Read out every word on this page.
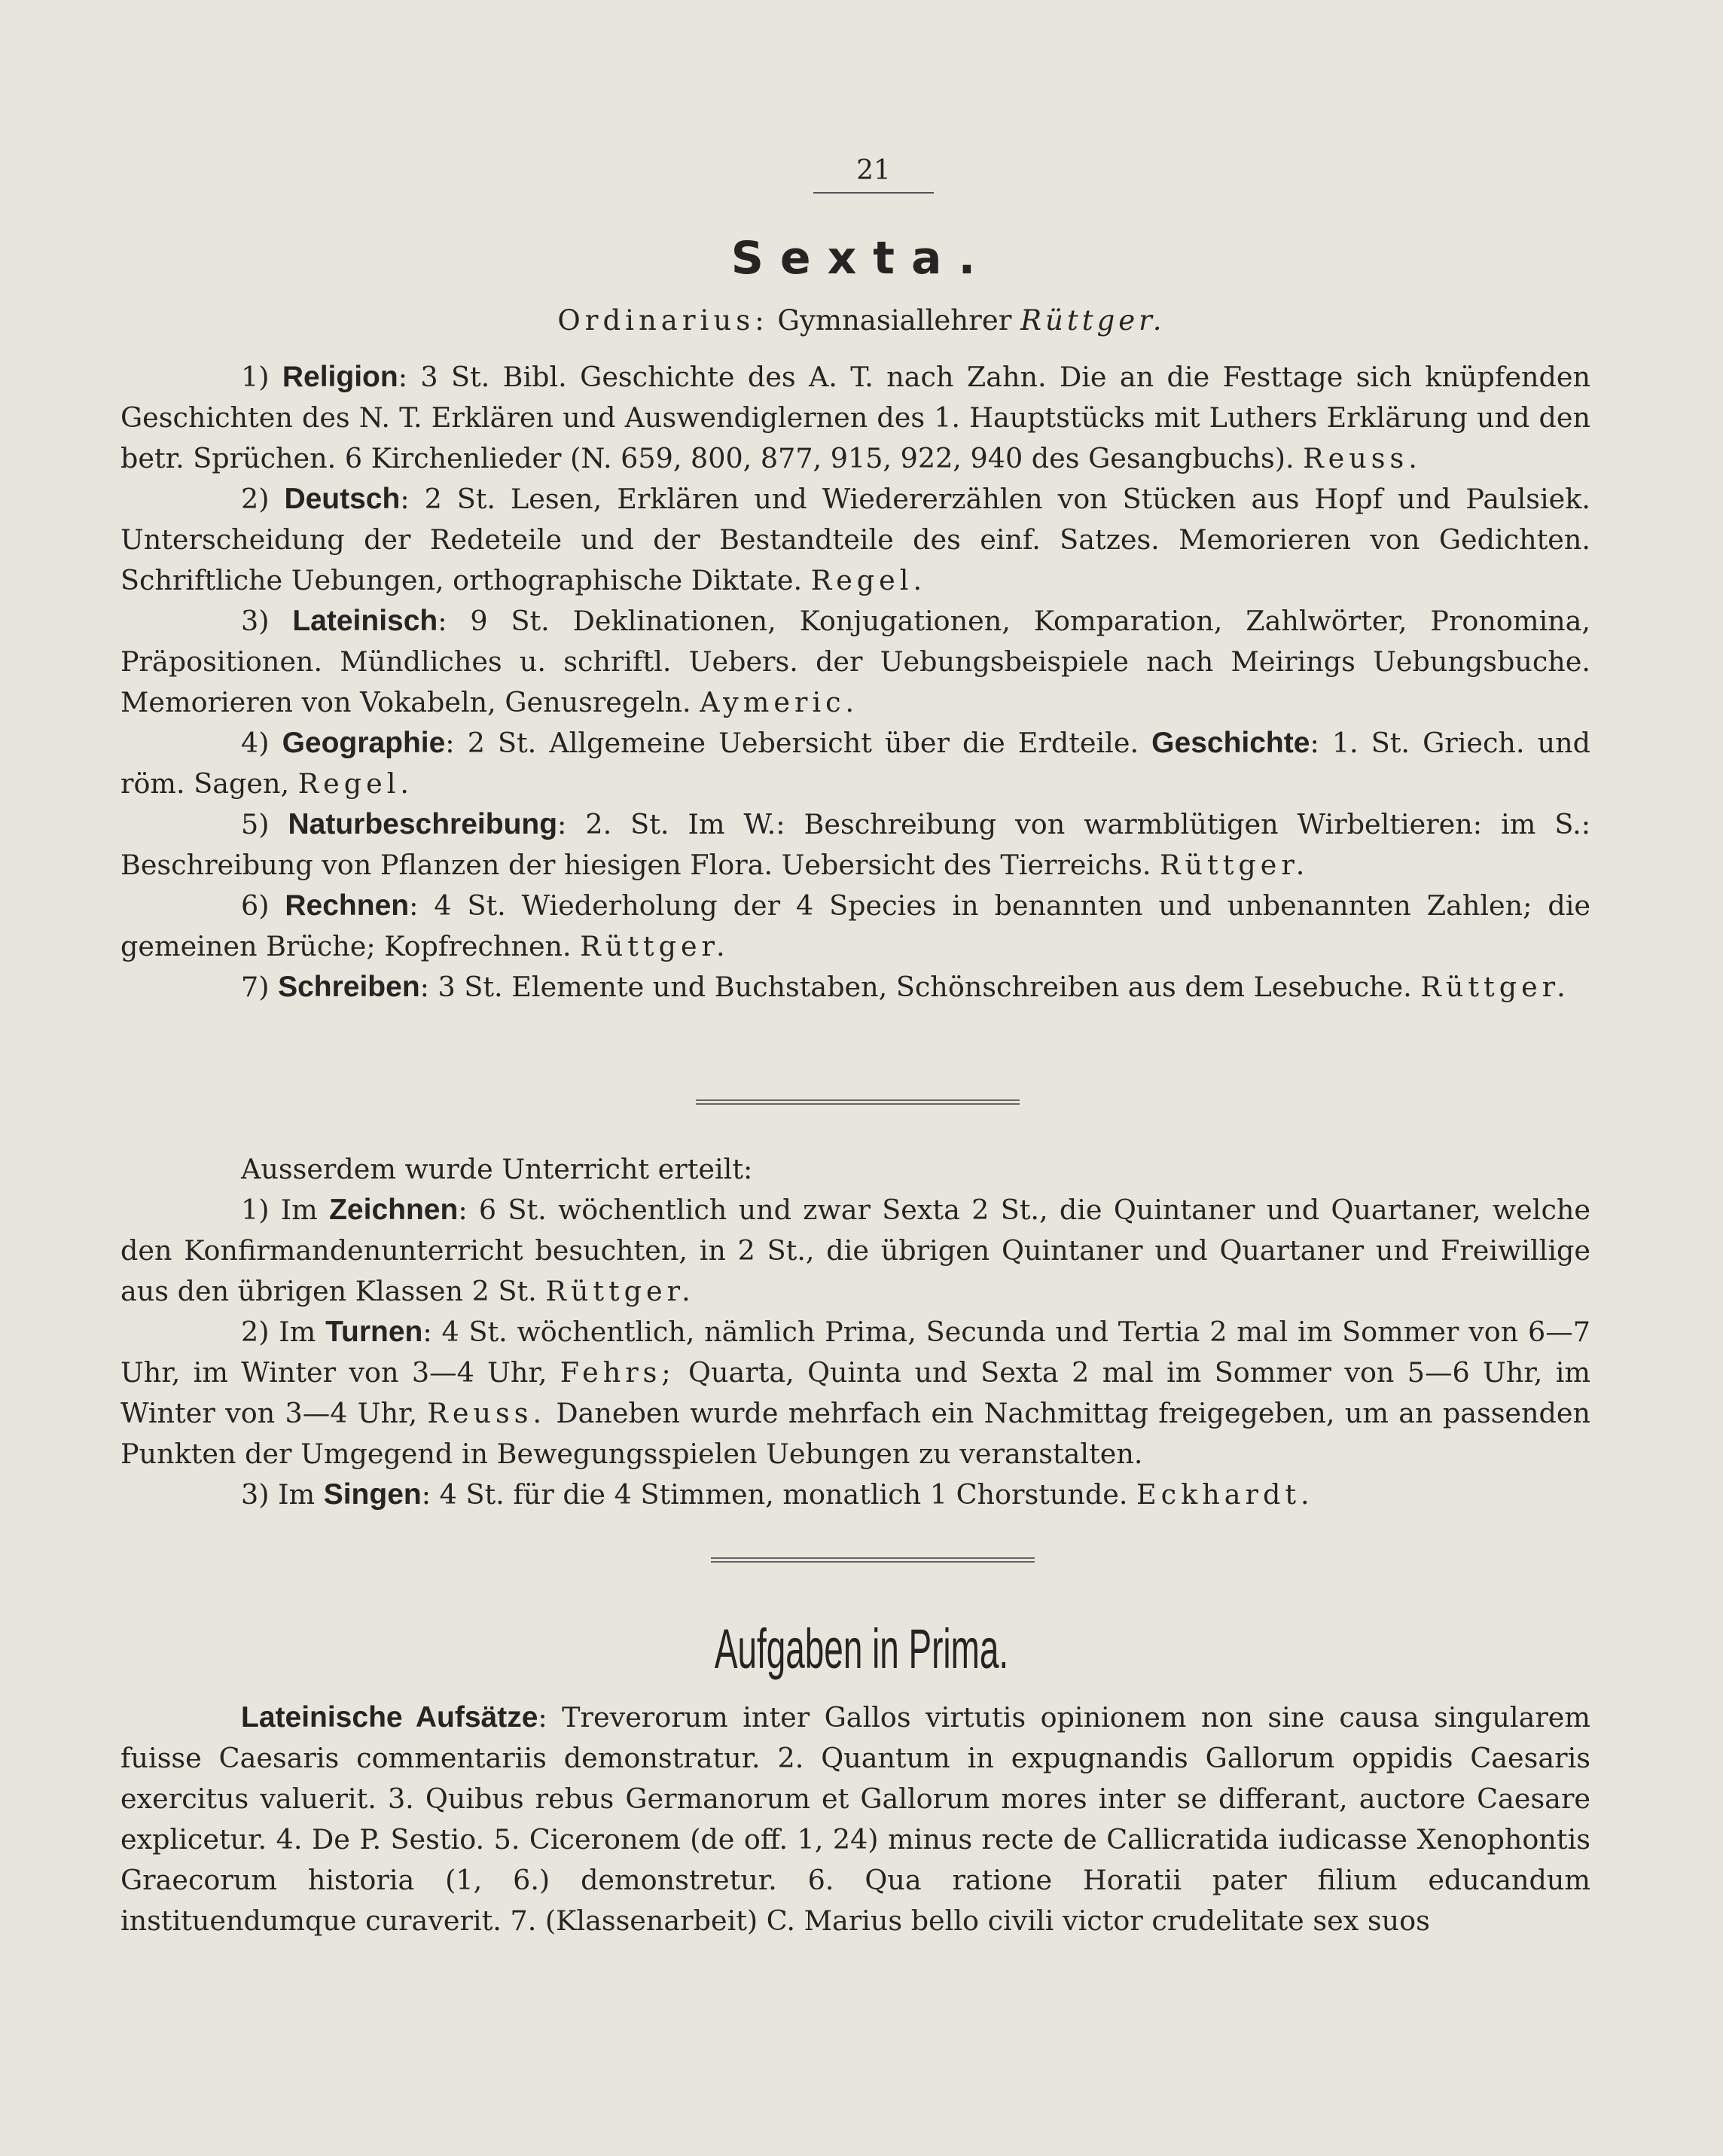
21
Sexta.
Ordinarius: Gymnasiallehrer Rüttger.

1) Religion: 3 St. Bibl. Geschichte des A. T. nach Zahn. Die an die Festtage sich knüpfenden Geschichten des N. T. Erklären und Auswendiglernen des 1. Hauptstücks mit Luthers Erklärung und den betr. Sprüchen. 6 Kirchenlieder (N. 659, 800, 877, 915, 922, 940 des Gesangbuchs). Reuss.

2) Deutsch: 2 St. Lesen, Erklären und Wiedererzählen von Stücken aus Hopf und Paulsiek. Unterscheidung der Redeteile und der Bestandteile des einf. Satzes. Memorieren von Gedichten. Schriftliche Uebungen, orthographische Diktate. Regel.

3) Lateinisch: 9 St. Deklinationen, Konjugationen, Komparation, Zahlwörter, Pronomina, Präpositionen. Mündliches u. schriftl. Uebers. der Uebungsbeispiele nach Meirings Uebungsbuche. Memorieren von Vokabeln, Genusregeln. Aymeric.

4) Geographie: 2 St. Allgemeine Uebersicht über die Erdteile. Geschichte: 1. St. Griech. und röm. Sagen, Regel.

5) Naturbeschreibung: 2. St. Im W.: Beschreibung von warmblütigen Wirbeltieren: im S.: Beschreibung von Pflanzen der hiesigen Flora. Uebersicht des Tierreichs. Rüttger.

6) Rechnen: 4 St. Wiederholung der 4 Species in benannten und unbenannten Zahlen; die gemeinen Brüche; Kopfrechnen. Rüttger.

7) Schreiben: 3 St. Elemente und Buchstaben, Schönschreiben aus dem Lesebuche. Rüttger.

Ausserdem wurde Unterricht erteilt:

1) Im Zeichnen: 6 St. wöchentlich und zwar Sexta 2 St., die Quintaner und Quartaner, welche den Konfirmandenunterricht besuchten, in 2 St., die übrigen Quintaner und Quartaner und Freiwillige aus den übrigen Klassen 2 St. Rüttger.

2) Im Turnen: 4 St. wöchentlich, nämlich Prima, Secunda und Tertia 2 mal im Sommer von 6—7 Uhr, im Winter von 3—4 Uhr, Fehrs; Quarta, Quinta und Sexta 2 mal im Sommer von 5—6 Uhr, im Winter von 3—4 Uhr, Reuss. Daneben wurde mehrfach ein Nachmittag freigegeben, um an passenden Punkten der Umgegend in Bewegungsspielen Uebungen zu veranstalten.

3) Im Singen: 4 St. für die 4 Stimmen, monatlich 1 Chorstunde. Eckhardt.

Aufgaben in Prima.

Lateinische Aufsätze: Treverorum inter Gallos virtutis opinionem non sine causa singularem fuisse Caesaris commentariis demonstratur. 2. Quantum in expugnandis Gallorum oppidis Caesaris exercitus valuerit. 3. Quibus rebus Germanorum et Gallorum mores inter se differant, auctore Caesare explicetur. 4. De P. Sestio. 5. Ciceronem (de off. 1, 24) minus recte de Callicratida iudicasse Xenophontis Graecorum historia (1, 6.) demonstretur. 6. Qua ratione Horatii pater filium educandum instituendumque curaverit. 7. (Klassenarbeit) C. Marius bello civili victor crudelitate sex suos
